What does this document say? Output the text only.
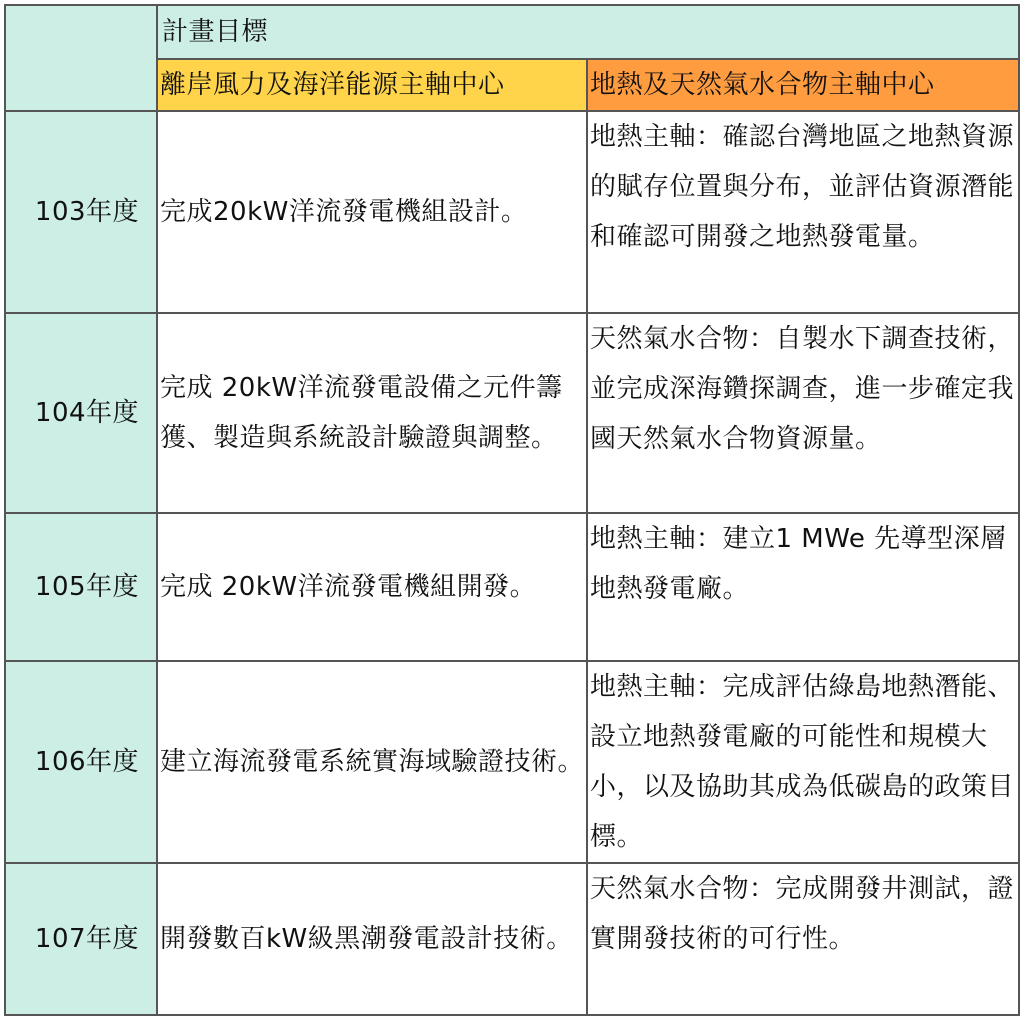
	計畫目標	
	離岸風力及海洋能源主軸中心	地熱及天然氣水合物主軸中心
103年度	完成20kW洋流發電機組設計。	地熱主軸：確認台灣地區之地熱資源的賦存位置與分布，並評估資源潛能和確認可開發之地熱發電量。

104年度	完成 20kW洋流發電設備之元件籌獲、製造與系統設計驗證與調整。	天然氣水合物：自製水下調查技術，並完成深海鑽探調查，進一步確定我國天然氣水合物資源量。

105年度	完成 20kW洋流發電機組開發。	地熱主軸：建立1 MWe 先導型深層地熱發電廠。

106年度	建立海流發電系統實海域驗證技術。	地熱主軸：完成評估綠島地熱潛能、設立地熱發電廠的可能性和規模大小，以及協助其成為低碳島的政策目標。

107年度	開發數百kW級黑潮發電設計技術。	天然氣水合物：完成開發井測試，證實開發技術的可行性。
